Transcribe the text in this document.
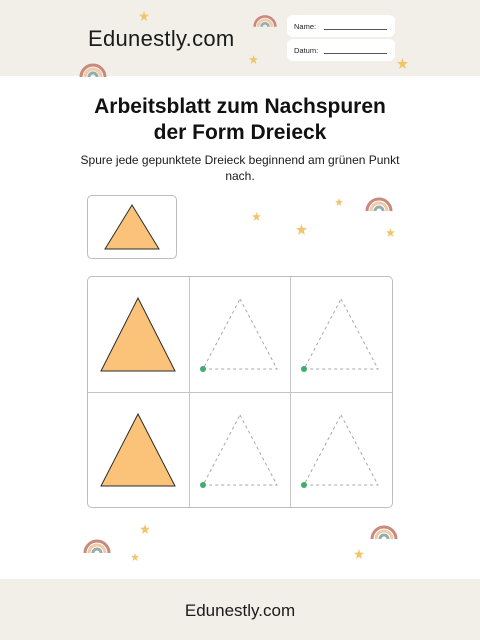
Edunestly.com	Name:
Datum:
Arbeitsblatt zum Nachspuren
der Form Dreieck
Spure jede gepunktete Dreieck beginnend am grünen Punkt nach.
Edunestly.com
